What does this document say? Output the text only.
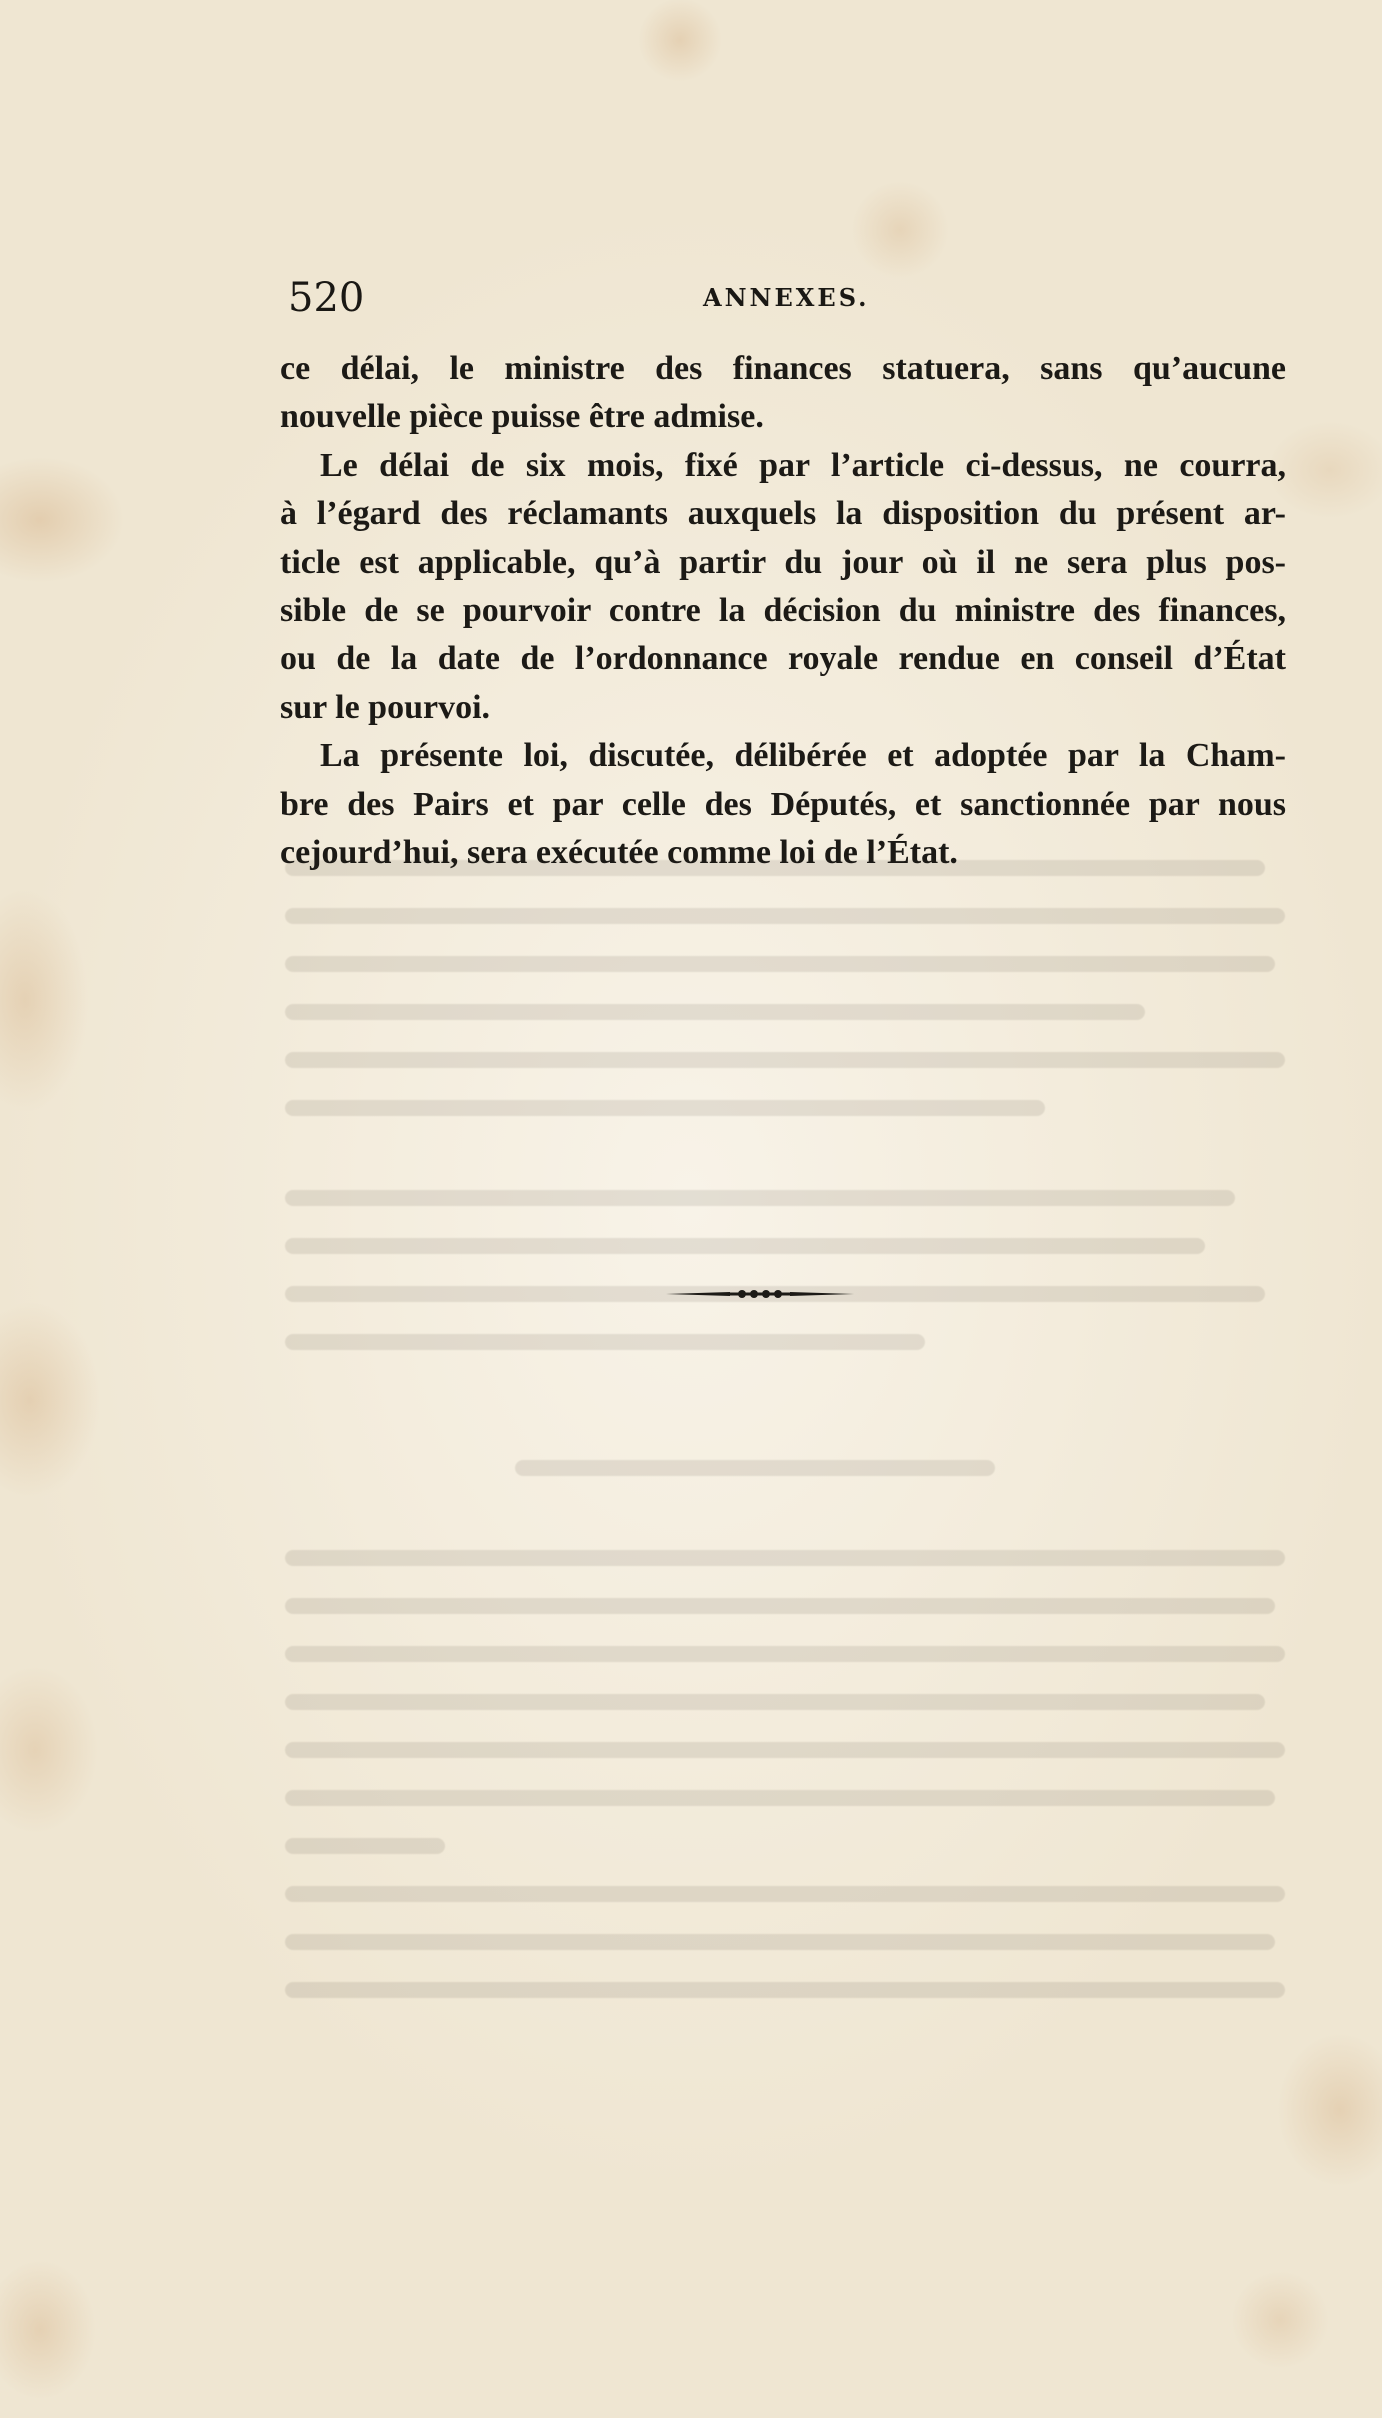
520	ANNEXES.
ce délai, le ministre des finances statuera, sans qu’aucune
nouvelle pièce puisse être admise.
Le délai de six mois, fixé par l’article ci-dessus, ne courra,
à l’égard des réclamants auxquels la disposition du présent ar-
ticle est applicable, qu’à partir du jour où il ne sera plus pos-
sible de se pourvoir contre la décision du ministre des finances,
ou de la date de l’ordonnance royale rendue en conseil d’État
sur le pourvoi.
La présente loi, discutée, délibérée et adoptée par la Cham-
bre des Pairs et par celle des Députés, et sanctionnée par nous
cejourd’hui, sera exécutée comme loi de l’État.
